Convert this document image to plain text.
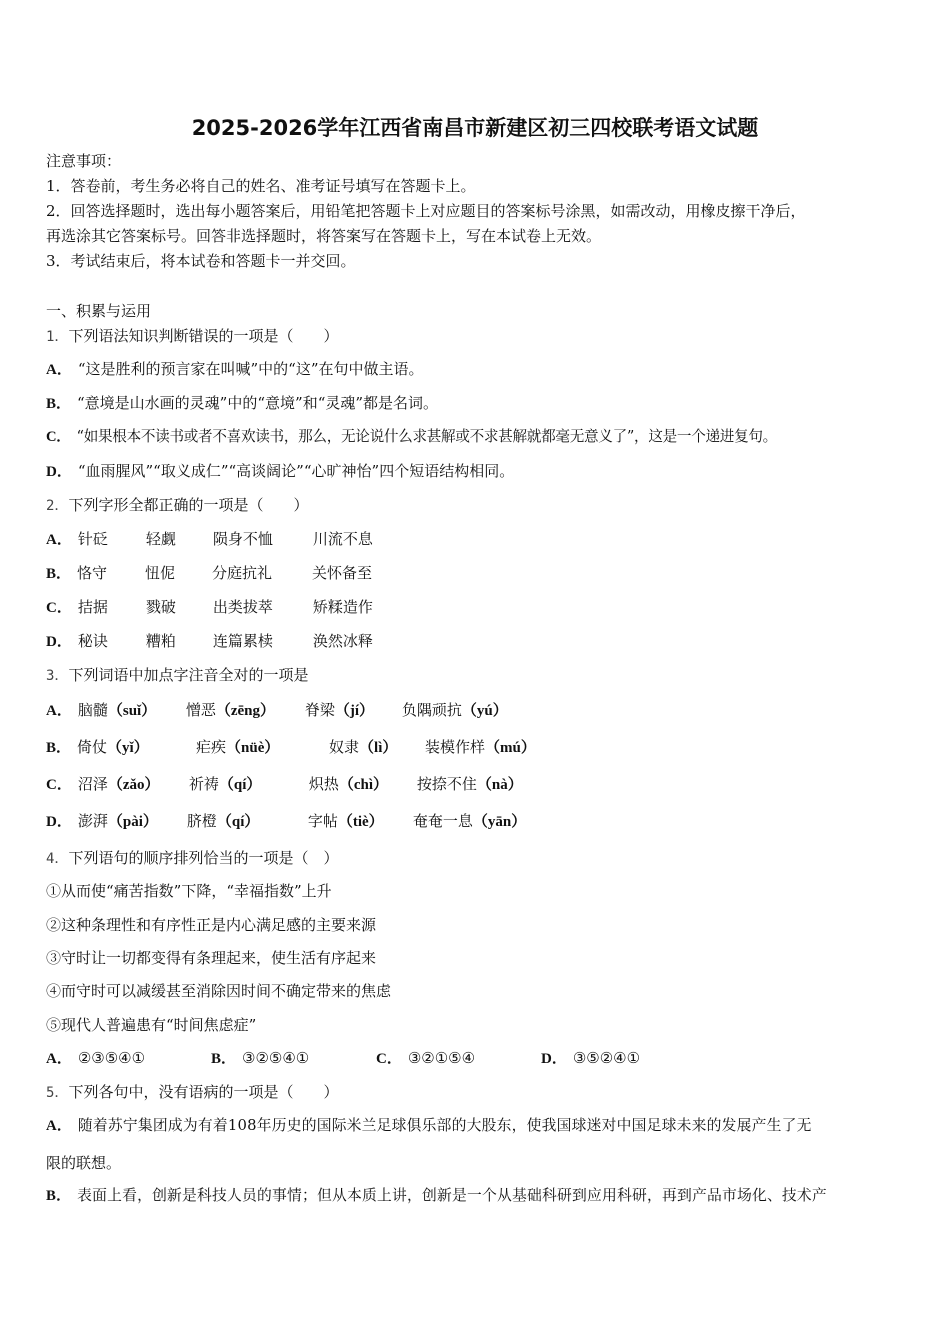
2025-2026学年江西省南昌市新建区初三四校联考语文试题
注意事项：
1．答卷前，考生务必将自己的姓名、准考证号填写在答题卡上。
2．回答选择题时，选出每小题答案后，用铅笔把答题卡上对应题目的答案标号涂黑，如需改动，用橡皮擦干净后，
再选涂其它答案标号。回答非选择题时，将答案写在答题卡上，写在本试卷上无效。
3．考试结束后，将本试卷和答题卡一并交回。
一、积累与运用
1．下列语法知识判断错误的一项是（　　）
A． “这是胜利的预言家在叫喊”中的“这”在句中做主语。
B． “意境是山水画的灵魂”中的“意境”和“灵魂”都是名词。
C． “如果根本不读书或者不喜欢读书，那么，无论说什么求甚解或不求甚解就都毫无意义了”，这是一个递进复句。
D． “血雨腥风”“取义成仁”“高谈阔论”“心旷神怡”四个短语结构相同。
2．下列字形全都正确的一项是（　　）
A． 针砭	轻觑 陨身不恤	川流不息
B． 恪守	忸伲 分庭抗礼	关怀备至
C． 拮据	戮破 出类拔萃	矫糅造作
D． 秘诀	糟粕 连篇累椟	涣然冰释
3．下列词语中加点字注音全对的一项是
A． 脑髓（suǐ） 憎恶（zēng） 脊梁（jí） 负隅顽抗（yú）
B． 倚仗（yǐ）	疟疾（nüè）	奴隶（lì） 装模作样（mú）
C． 沼泽（zǎo） 祈祷（qí）	炽热（chì） 按捺不住（nà）
D． 澎湃（pài） 脐橙（qí）	字帖（tiè） 奄奄一息（yān）
4．下列语句的顺序排列恰当的一项是（　）
①从而使“痛苦指数”下降，“幸福指数”上升
②这种条理性和有序性正是内心满足感的主要来源
③守时让一切都变得有条理起来，使生活有序起来
④而守时可以减缓甚至消除因时间不确定带来的焦虑
⑤现代人普遍患有“时间焦虑症”
A． ②③⑤④①	B． ③②⑤④①	C． ③②①⑤④	D． ③⑤②④①
5．下列各句中，没有语病的一项是（　　）
A． 随着苏宁集团成为有着108年历史的国际米兰足球俱乐部的大股东，使我国球迷对中国足球未来的发展产生了无
限的联想。
B． 表面上看，创新是科技人员的事情；但从本质上讲，创新是一个从基础科研到应用科研，再到产品市场化、技术产
